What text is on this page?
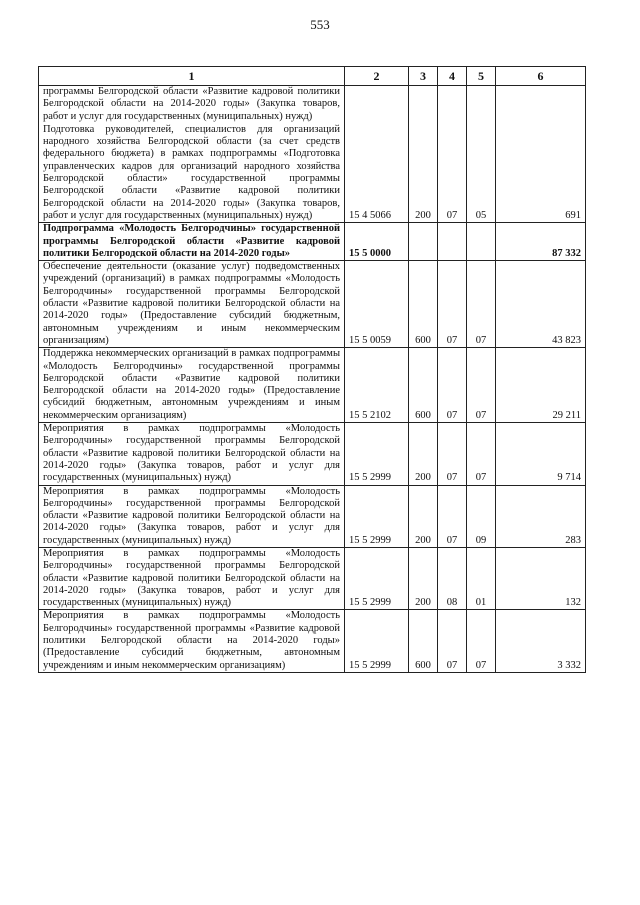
553
1	2	3	4	5	6

программы Белгородской области «Развитие кадровой политики Белгородской области на 2014-2020 годы» (Закупка товаров, работ и услуг для государственных (муниципальных) нужд)
Подготовка руководителей, специалистов для организаций народного хозяйства Белгородской области (за счет средств федерального бюджета) в рамках подпрограммы «Подготовка управленческих кадров для организаций народного хозяйства Белгородской области» государственной программы Белгородской области «Развитие кадровой политики Белгородской области на 2014-2020 годы» (Закупка товаров, работ и услуг для государственных (муниципальных) нужд)	15 4 5066	200	07	05	691

Подпрограмма «Молодость Белгородчины» государственной программы Белгородской области «Развитие кадровой политики Белгородской области на 2014-2020 годы»	15 5 0000				87 332

Обеспечение деятельности (оказание услуг) подведомственных учреждений (организаций) в рамках подпрограммы «Молодость Белгородчины» государственной программы Белгородской области «Развитие кадровой политики Белгородской области на 2014-2020 годы» (Предоставление субсидий бюджетным, автономным учреждениям и иным некоммерческим организациям)	15 5 0059	600	07	07	43 823

Поддержка некоммерческих организаций в рамках подпрограммы «Молодость Белгородчины» государственной программы Белгородской области «Развитие кадровой политики Белгородской области на 2014-2020 годы» (Предоставление субсидий бюджетным, автономным учреждениям и иным некоммерческим организациям)	15 5 2102	600	07	07	29 211

Мероприятия в рамках подпрограммы «Молодость Белгородчины» государственной программы Белгородской области «Развитие кадровой политики Белгородской области на 2014-2020 годы» (Закупка товаров, работ и услуг для государственных (муниципальных) нужд)	15 5 2999	200	07	07	9 714

Мероприятия в рамках подпрограммы «Молодость Белгородчины» государственной программы Белгородской области «Развитие кадровой политики Белгородской области на 2014-2020 годы» (Закупка товаров, работ и услуг для государственных (муниципальных) нужд)	15 5 2999	200	07	09	283

Мероприятия в рамках подпрограммы «Молодость Белгородчины» государственной программы Белгородской области «Развитие кадровой политики Белгородской области на 2014-2020 годы» (Закупка товаров, работ и услуг для государственных (муниципальных) нужд)	15 5 2999	200	08	01	132

Мероприятия в рамках подпрограммы «Молодость Белгородчины» государственной программы «Развитие кадровой политики Белгородской области на 2014-2020 годы» (Предоставление субсидий бюджетным, автономным учреждениям и иным некоммерческим организациям)	15 5 2999	600	07	07	3 332
